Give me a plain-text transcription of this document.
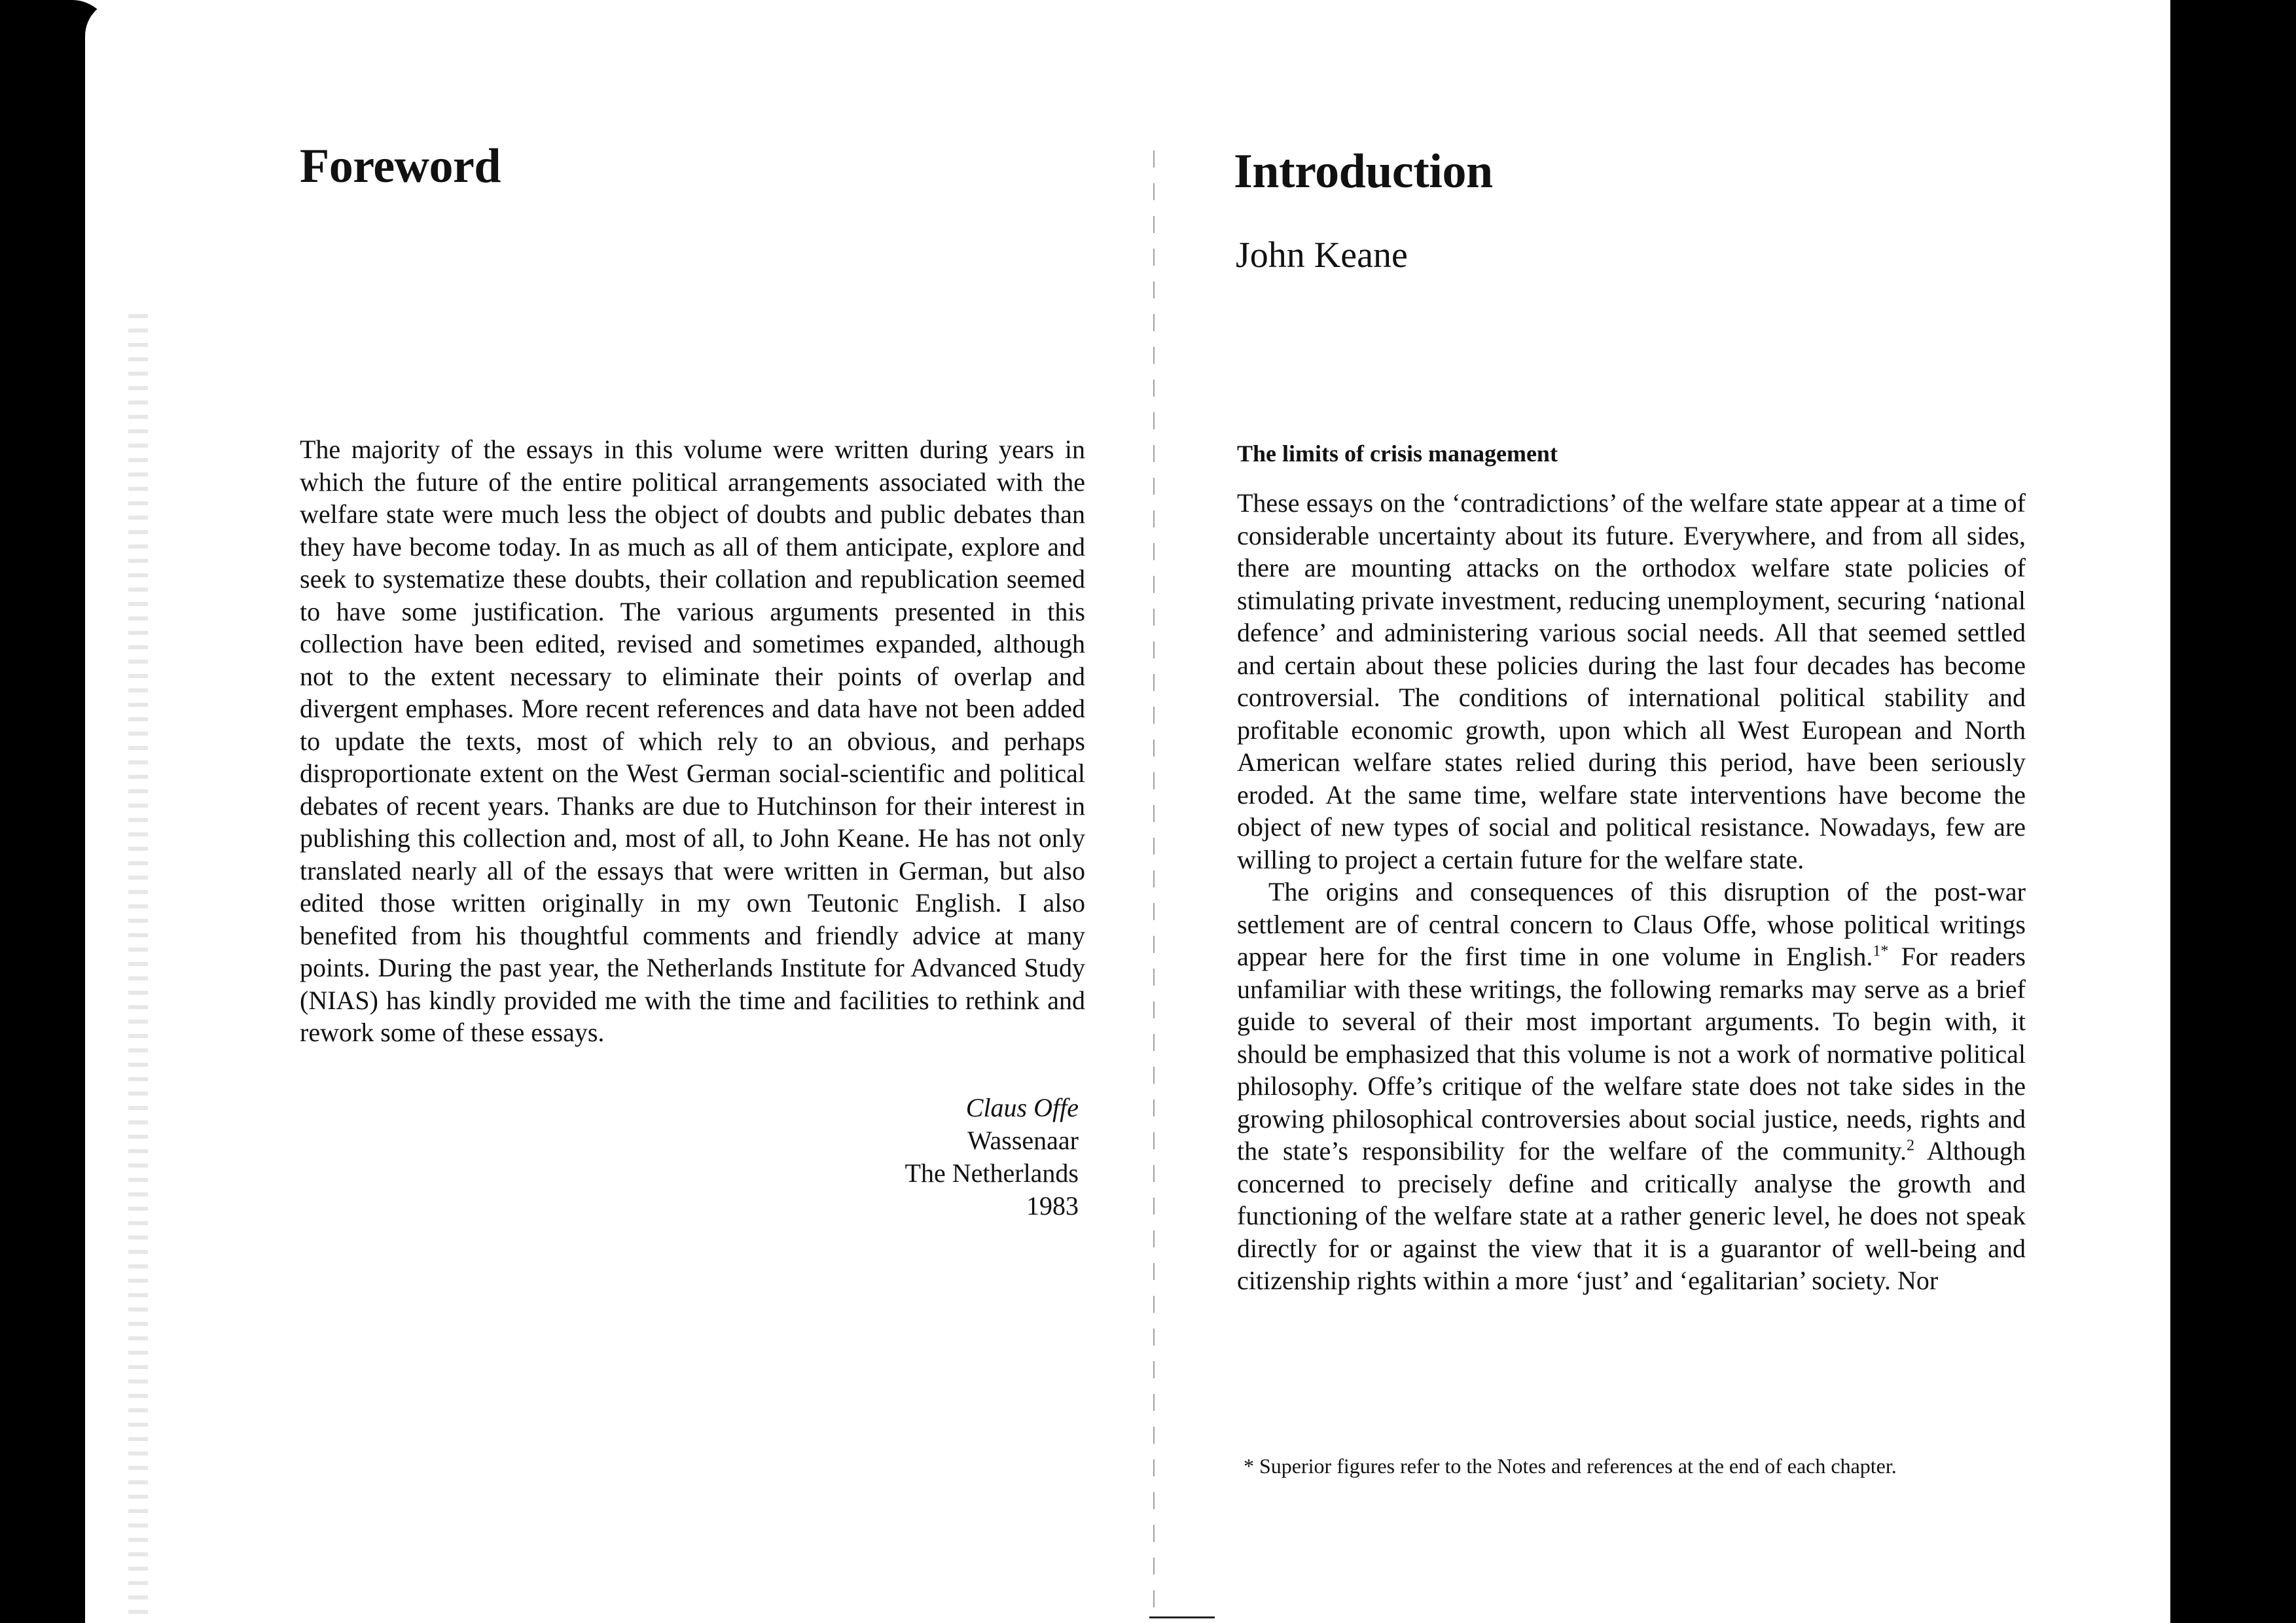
Foreword
The majority of the essays in this volume were written during years in which the future of the entire political arrangements associated with the welfare state were much less the object of doubts and public debates than they have become today. In as much as all of them anticipate, explore and seek to systematize these doubts, their collation and republication seemed to have some justification. The various arguments presented in this collection have been edited, revised and sometimes expanded, although not to the extent necessary to eliminate their points of overlap and divergent emphases. More recent references and data have not been added to update the texts, most of which rely to an obvious, and perhaps disproportionate extent on the West German social-scientific and political debates of recent years. Thanks are due to Hutchinson for their interest in publishing this collection and, most of all, to John Keane. He has not only translated nearly all of the essays that were written in German, but also edited those written originally in my own Teutonic English. I also benefited from his thoughtful comments and friendly advice at many points. During the past year, the Netherlands Institute for Advanced Study (NIAS) has kindly provided me with the time and facilities to rethink and rework some of these essays.
Claus Offe
Wassenaar
The Netherlands
1983
Introduction
John Keane
The limits of crisis management

These essays on the ‘contradictions’ of the welfare state appear at a time of considerable uncertainty about its future. Everywhere, and from all sides, there are mounting attacks on the orthodox welfare state policies of stimulating private investment, reducing unemployment, securing ‘national defence’ and administering various social needs. All that seemed settled and certain about these policies during the last four decades has become controversial. The conditions of international political stability and profitable economic growth, upon which all West European and North American welfare states relied during this period, have been seriously eroded. At the same time, welfare state interventions have become the object of new types of social and political resistance. Nowadays, few are willing to project a certain future for the welfare state.

The origins and consequences of this disruption of the post-war settlement are of central concern to Claus Offe, whose political writings appear here for the first time in one volume in English.$^{1*}$ For readers unfamiliar with these writings, the following remarks may serve as a brief guide to several of their most important arguments. To begin with, it should be emphasized that this volume is not a work of normative political philosophy. Offe’s critique of the welfare state does not take sides in the growing philosophical controversies about social justice, needs, rights and the state’s responsibility for the welfare of the community.$^2$ Although concerned to precisely define and critically analyse the growth and functioning of the welfare state at a rather generic level, he does not speak directly for or against the view that it is a guarantor of well-being and citizenship rights within a more ‘just’ and ‘egalitarian’ society. Nor

* Superior figures refer to the Notes and references at the end of each chapter.
